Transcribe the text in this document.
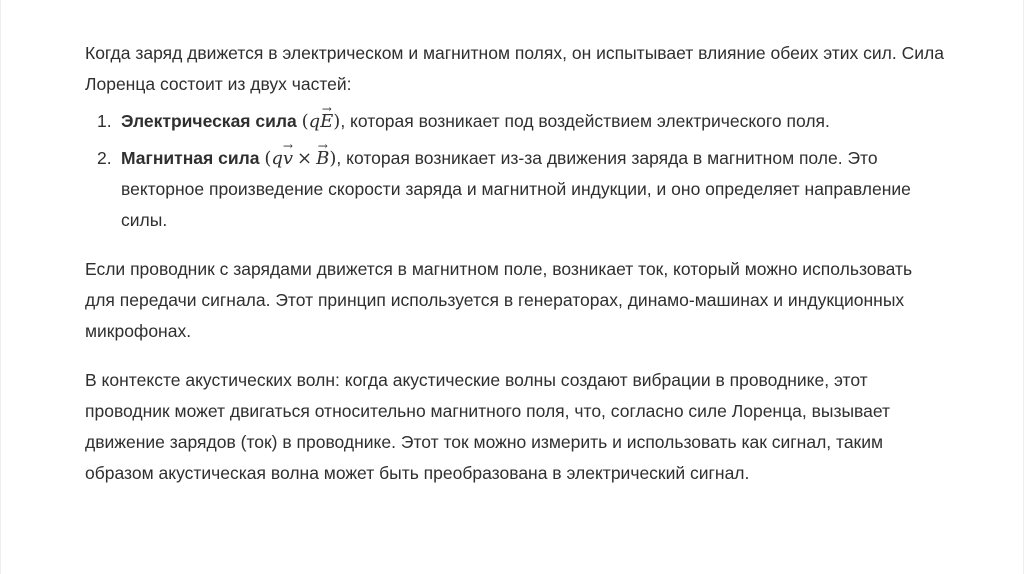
Когда заряд движется в электрическом и магнитном полях, он испытывает влияние обеих этих сил. Сила Лоренца состоит из двух частей:

1. Электрическая сила (q→ E), которая возникает под воздействием электрического поля.
2. Магнитная сила (q→ v ×→ B), которая возникает из-за движения заряда в магнитном поле. Это векторное произведение скорости заряда и магнитной индукции, и оно определяет направление силы.

Если проводник с зарядами движется в магнитном поле, возникает ток, который можно использовать для передачи сигнала. Этот принцип используется в генераторах, динамо-машинах и индукционных микрофонах.

В контексте акустических волн: когда акустические волны создают вибрации в проводнике, этот проводник может двигаться относительно магнитного поля, что, согласно силе Лоренца, вызывает движение зарядов (ток) в проводнике. Этот ток можно измерить и использовать как сигнал, таким образом акустическая волна может быть преобразована в электрический сигнал.
